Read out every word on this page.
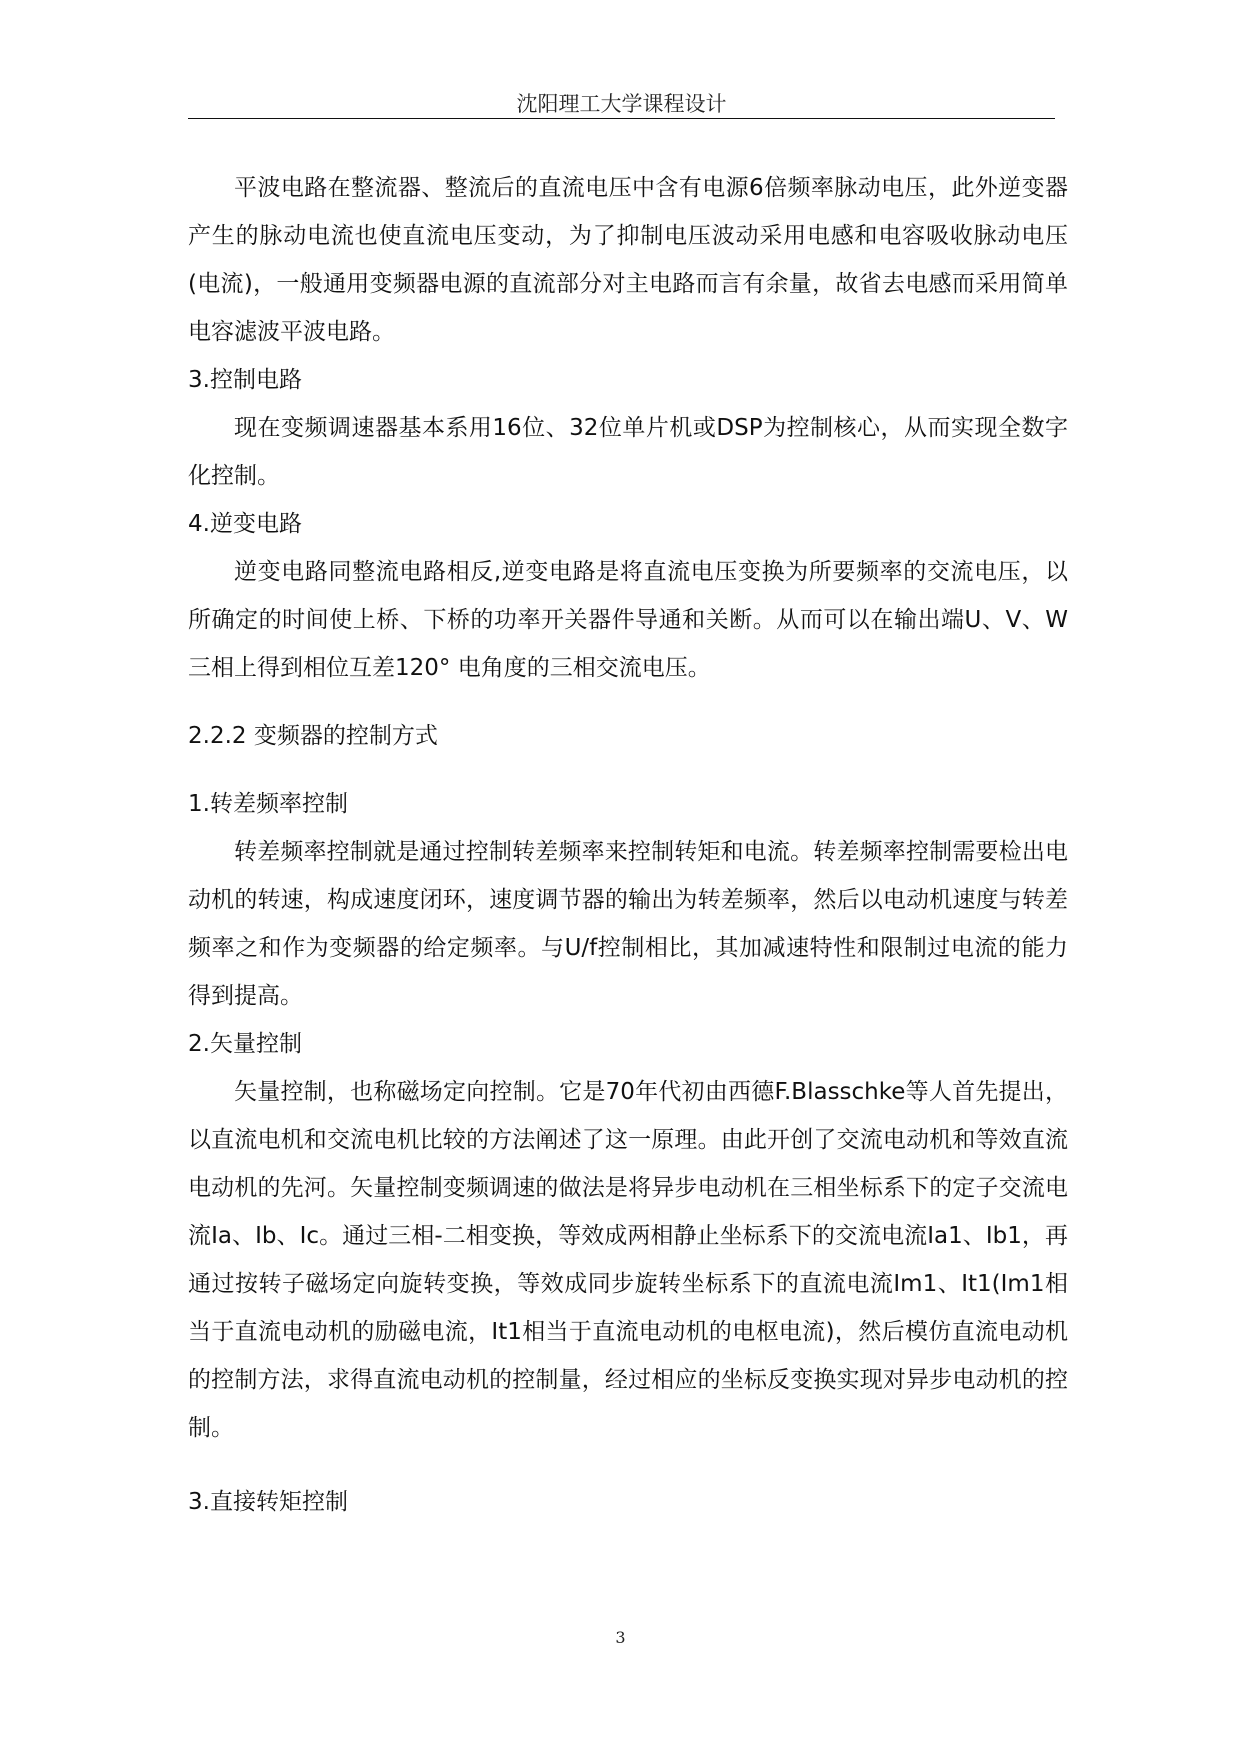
沈阳理工大学课程设计

平波电路在整流器、整流后的直流电压中含有电源6倍频率脉动电压，此外逆变器产生的脉动电流也使直流电压变动，为了抑制电压波动采用电感和电容吸收脉动电压(电流)，一般通用变频器电源的直流部分对主电路而言有余量，故省去电感而采用简单电容滤波平波电路。

3.控制电路

现在变频调速器基本系用16位、32位单片机或DSP为控制核心，从而实现全数字化控制。

4.逆变电路

逆变电路同整流电路相反,逆变电路是将直流电压变换为所要频率的交流电压，以所确定的时间使上桥、下桥的功率开关器件导通和关断。从而可以在输出端U、V、W三相上得到相位互差120° 电角度的三相交流电压。

2.2.2 变频器的控制方式

1.转差频率控制

转差频率控制就是通过控制转差频率来控制转矩和电流。转差频率控制需要检出电动机的转速，构成速度闭环，速度调节器的输出为转差频率，然后以电动机速度与转差频率之和作为变频器的给定频率。与U/f控制相比，其加减速特性和限制过电流的能力得到提高。

2.矢量控制

矢量控制，也称磁场定向控制。它是70年代初由西德F.Blasschke等人首先提出，以直流电机和交流电机比较的方法阐述了这一原理。由此开创了交流电动机和等效直流电动机的先河。矢量控制变频调速的做法是将异步电动机在三相坐标系下的定子交流电流Ia、Ib、Ic。通过三相-二相变换，等效成两相静止坐标系下的交流电流Ia1、Ib1，再通过按转子磁场定向旋转变换，等效成同步旋转坐标系下的直流电流Im1、It1(Im1相当于直流电动机的励磁电流，It1相当于直流电动机的电枢电流)，然后模仿直流电动机的控制方法，求得直流电动机的控制量，经过相应的坐标反变换实现对异步电动机的控制。

3.直接转矩控制

3
